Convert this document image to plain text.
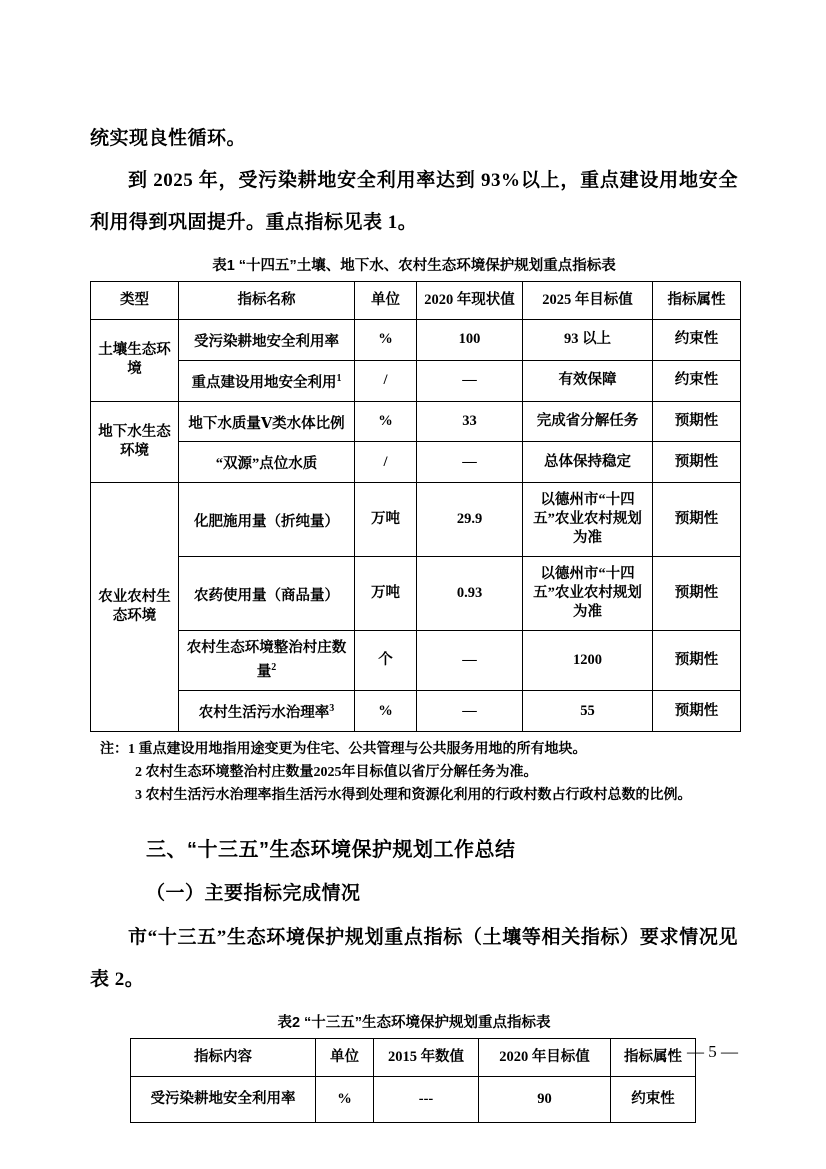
统实现良性循环。
到 2025 年，受污染耕地安全利用率达到 93%以上，重点建设用地安全利用得到巩固提升。重点指标见表 1。
表1 “十四五”土壤、地下水、农村生态环境保护规划重点指标表
类型	指标名称	单位	2020 年现状值	2025 年目标值	指标属性
土壤生态环境	受污染耕地安全利用率	%	100	93 以上	约束性
	重点建设用地安全利用$^1$	/	—	有效保障	约束性
地下水生态环境	地下水质量Ⅴ类水体比例	%	33	完成省分解任务	预期性
	“双源”点位水质	/	—	总体保持稳定	预期性
农业农村生态环境	化肥施用量（折纯量）	万吨	29.9	以德州市“十四五”农业农村规划为准	预期性
	农药使用量（商品量）	万吨	0.93	以德州市“十四五”农业农村规划为准	预期性
	农村生态环境整治村庄数量$^2$	个	—	1200	预期性
	农村生活污水治理率$^3$	%	—	55	预期性
注：1 重点建设用地指用途变更为住宅、公共管理与公共服务用地的所有地块。
2 农村生态环境整治村庄数量2025年目标值以省厅分解任务为准。
3 农村生活污水治理率指生活污水得到处理和资源化利用的行政村数占行政村总数的比例。
三、“十三五”生态环境保护规划工作总结
（一）主要指标完成情况
市“十三五”生态环境保护规划重点指标（土壤等相关指标）要求情况见表 2。
表2 “十三五”生态环境保护规划重点指标表
指标内容	单位	2015 年数值	2020 年目标值	指标属性
受污染耕地安全利用率	%	---	90	约束性
— 5 —
